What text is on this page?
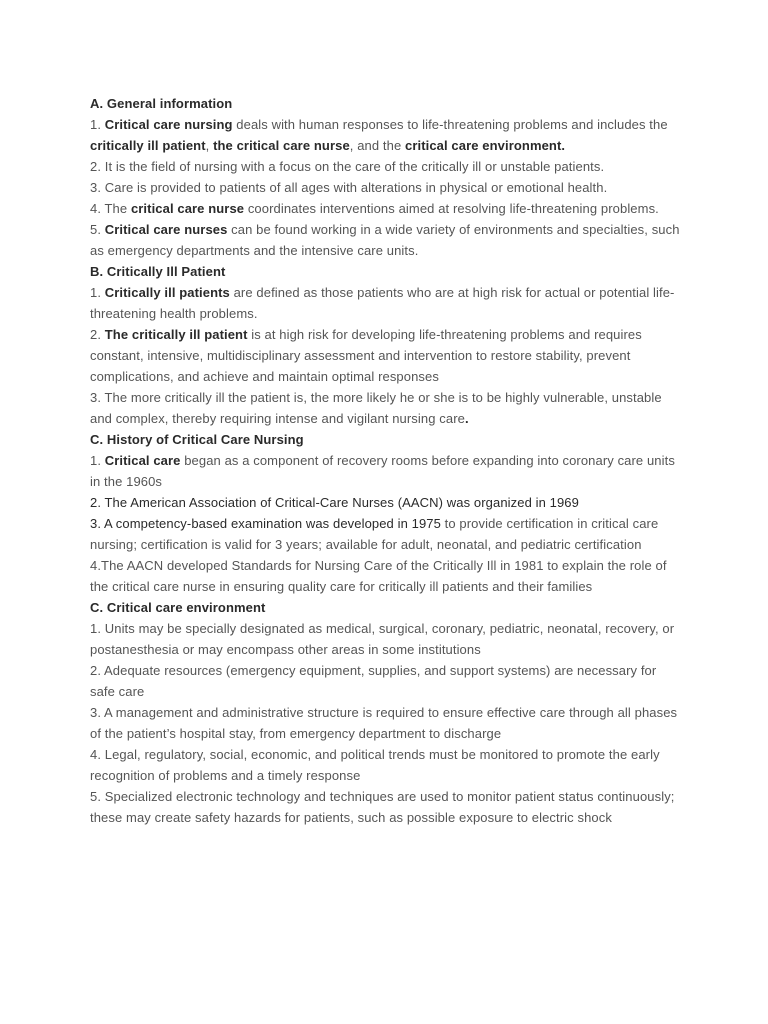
A. General information

1. Critical care nursing deals with human responses to life-threatening problems and includes the critically ill patient, the critical care nurse, and the critical care environment.

2. It is the field of nursing with a focus on the care of the critically ill or unstable patients.

3. Care is provided to patients of all ages with alterations in physical or emotional health.

4. The critical care nurse coordinates interventions aimed at resolving life-threatening problems.

5. Critical care nurses can be found working in a wide variety of environments and specialties, such as emergency departments and the intensive care units.

B. Critically Ill Patient

1. Critically ill patients are defined as those patients who are at high risk for actual or potential life-threatening health problems.

2. The critically ill patient is at high risk for developing life-threatening problems and requires constant, intensive, multidisciplinary assessment and intervention to restore stability, prevent complications, and achieve and maintain optimal responses

3. The more critically ill the patient is, the more likely he or she is to be highly vulnerable, unstable and complex, thereby requiring intense and vigilant nursing care.

C. History of Critical Care Nursing

1. Critical care began as a component of recovery rooms before expanding into coronary care units in the 1960s

2. The American Association of Critical-Care Nurses (AACN) was organized in 1969

3. A competency-based examination was developed in 1975 to provide certification in critical care nursing; certification is valid for 3 years; available for adult, neonatal, and pediatric certification

4.The AACN developed Standards for Nursing Care of the Critically Ill in 1981 to explain the role of the critical care nurse in ensuring quality care for critically ill patients and their families

C. Critical care environment

1. Units may be specially designated as medical, surgical, coronary, pediatric, neonatal, recovery, or postanesthesia or may encompass other areas in some institutions

2. Adequate resources (emergency equipment, supplies, and support systems) are necessary for safe care

3. A management and administrative structure is required to ensure effective care through all phases of the patient’s hospital stay, from emergency department to discharge

4. Legal, regulatory, social, economic, and political trends must be monitored to promote the early recognition of problems and a timely response

5. Specialized electronic technology and techniques are used to monitor patient status continuously; these may create safety hazards for patients, such as possible exposure to electric shock
